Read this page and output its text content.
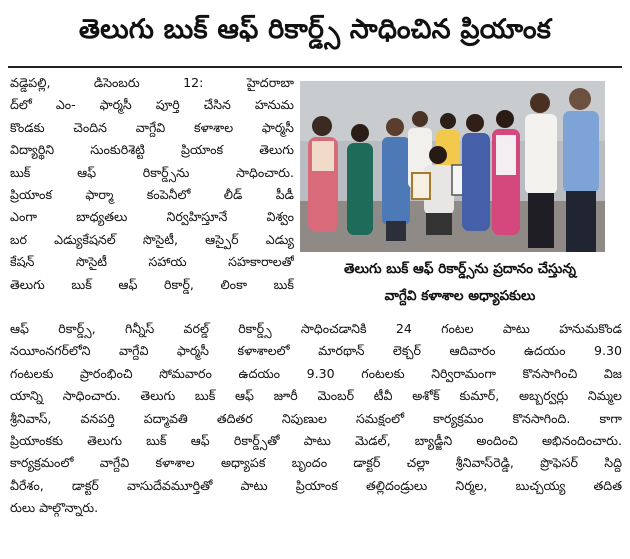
తెలుగు బుక్ ఆఫ్ రికార్డ్స్ సాధించిన ప్రియాంక
వడ్డెపల్లి, డిసెంబరు 12: హైదరాబా
ద్‌లో ఎం- ఫార్మసీ పూర్తి చేసిన హనుమ
కొండకు చెందిన వాగ్దేవి కళాశాల ఫార్మసీ
విద్యార్థిని సుంకురిశెట్టి ప్రియాంక తెలుగు
బుక్ ఆఫ్ రికార్డ్స్‌ను సాధించారు.
ప్రియాంక ఫార్మా కంపెనీలో లీడ్ పీడీ
ఎంగా బాధ్యతలు నిర్వహిస్తూనే విశ్వం
బర ఎడ్యుకేషనల్ సొసైటీ, ఆస్పైర్ ఎడ్యు
కేషన్ సొసైటీ సహాయ సహకారాలతో
తెలుగు బుక్ ఆఫ్ రికార్డ్, లింకా బుక్
తెలుగు బుక్ ఆఫ్ రికార్డ్స్‌ను ప్రదానం చేస్తున్న
వాగ్దేవి కళాశాల అధ్యాపకులు
ఆఫ్ రికార్డ్స్, గిన్నీస్ వరల్డ్ రికార్డ్స్ సాధించడానికి 24 గంటల పాటు హనుమకొండ
నయీంనగర్‌లోని వాగ్దేవి ఫార్మసీ కళాశాలలో మారథాన్ లెక్చర్ ఆదివారం ఉదయం 9.30
గంటలకు ప్రారంభించి సోమవారం ఉదయం 9.30 గంటలకు నిర్విరామంగా కొనసాగించి విజ
యాన్ని సాధించారు. తెలుగు బుక్ ఆఫ్ జూరీ మెంబర్ టీవీ అశోక్ కుమార్, అబ్బర్వర్లు నిమ్మల
శ్రీనివాస్, వనపర్తి పద్మావతి తదితర నిపుణుల సమక్షంలో కార్యక్రమం కొనసాగింది. కాగా
ప్రియాంకకు తెలుగు బుక్ ఆఫ్ రికార్డ్స్‌తో పాటు మెడల్, బ్యాడ్జీని అందించి అభినందించారు.
కార్యక్రమంలో వాగ్దేవి కళాశాల అధ్యాపక బృందం డాక్టర్ చల్లా శ్రీనివాస్‌రెడ్డి, ప్రొఫెసర్ సిద్ది
వీరేశం, డాక్టర్ వాసుదేవమూర్తితో పాటు ప్రియాంక తల్లిదండ్రులు నిర్మల, బుచ్చయ్య తదిత
రులు పాల్గొన్నారు.
